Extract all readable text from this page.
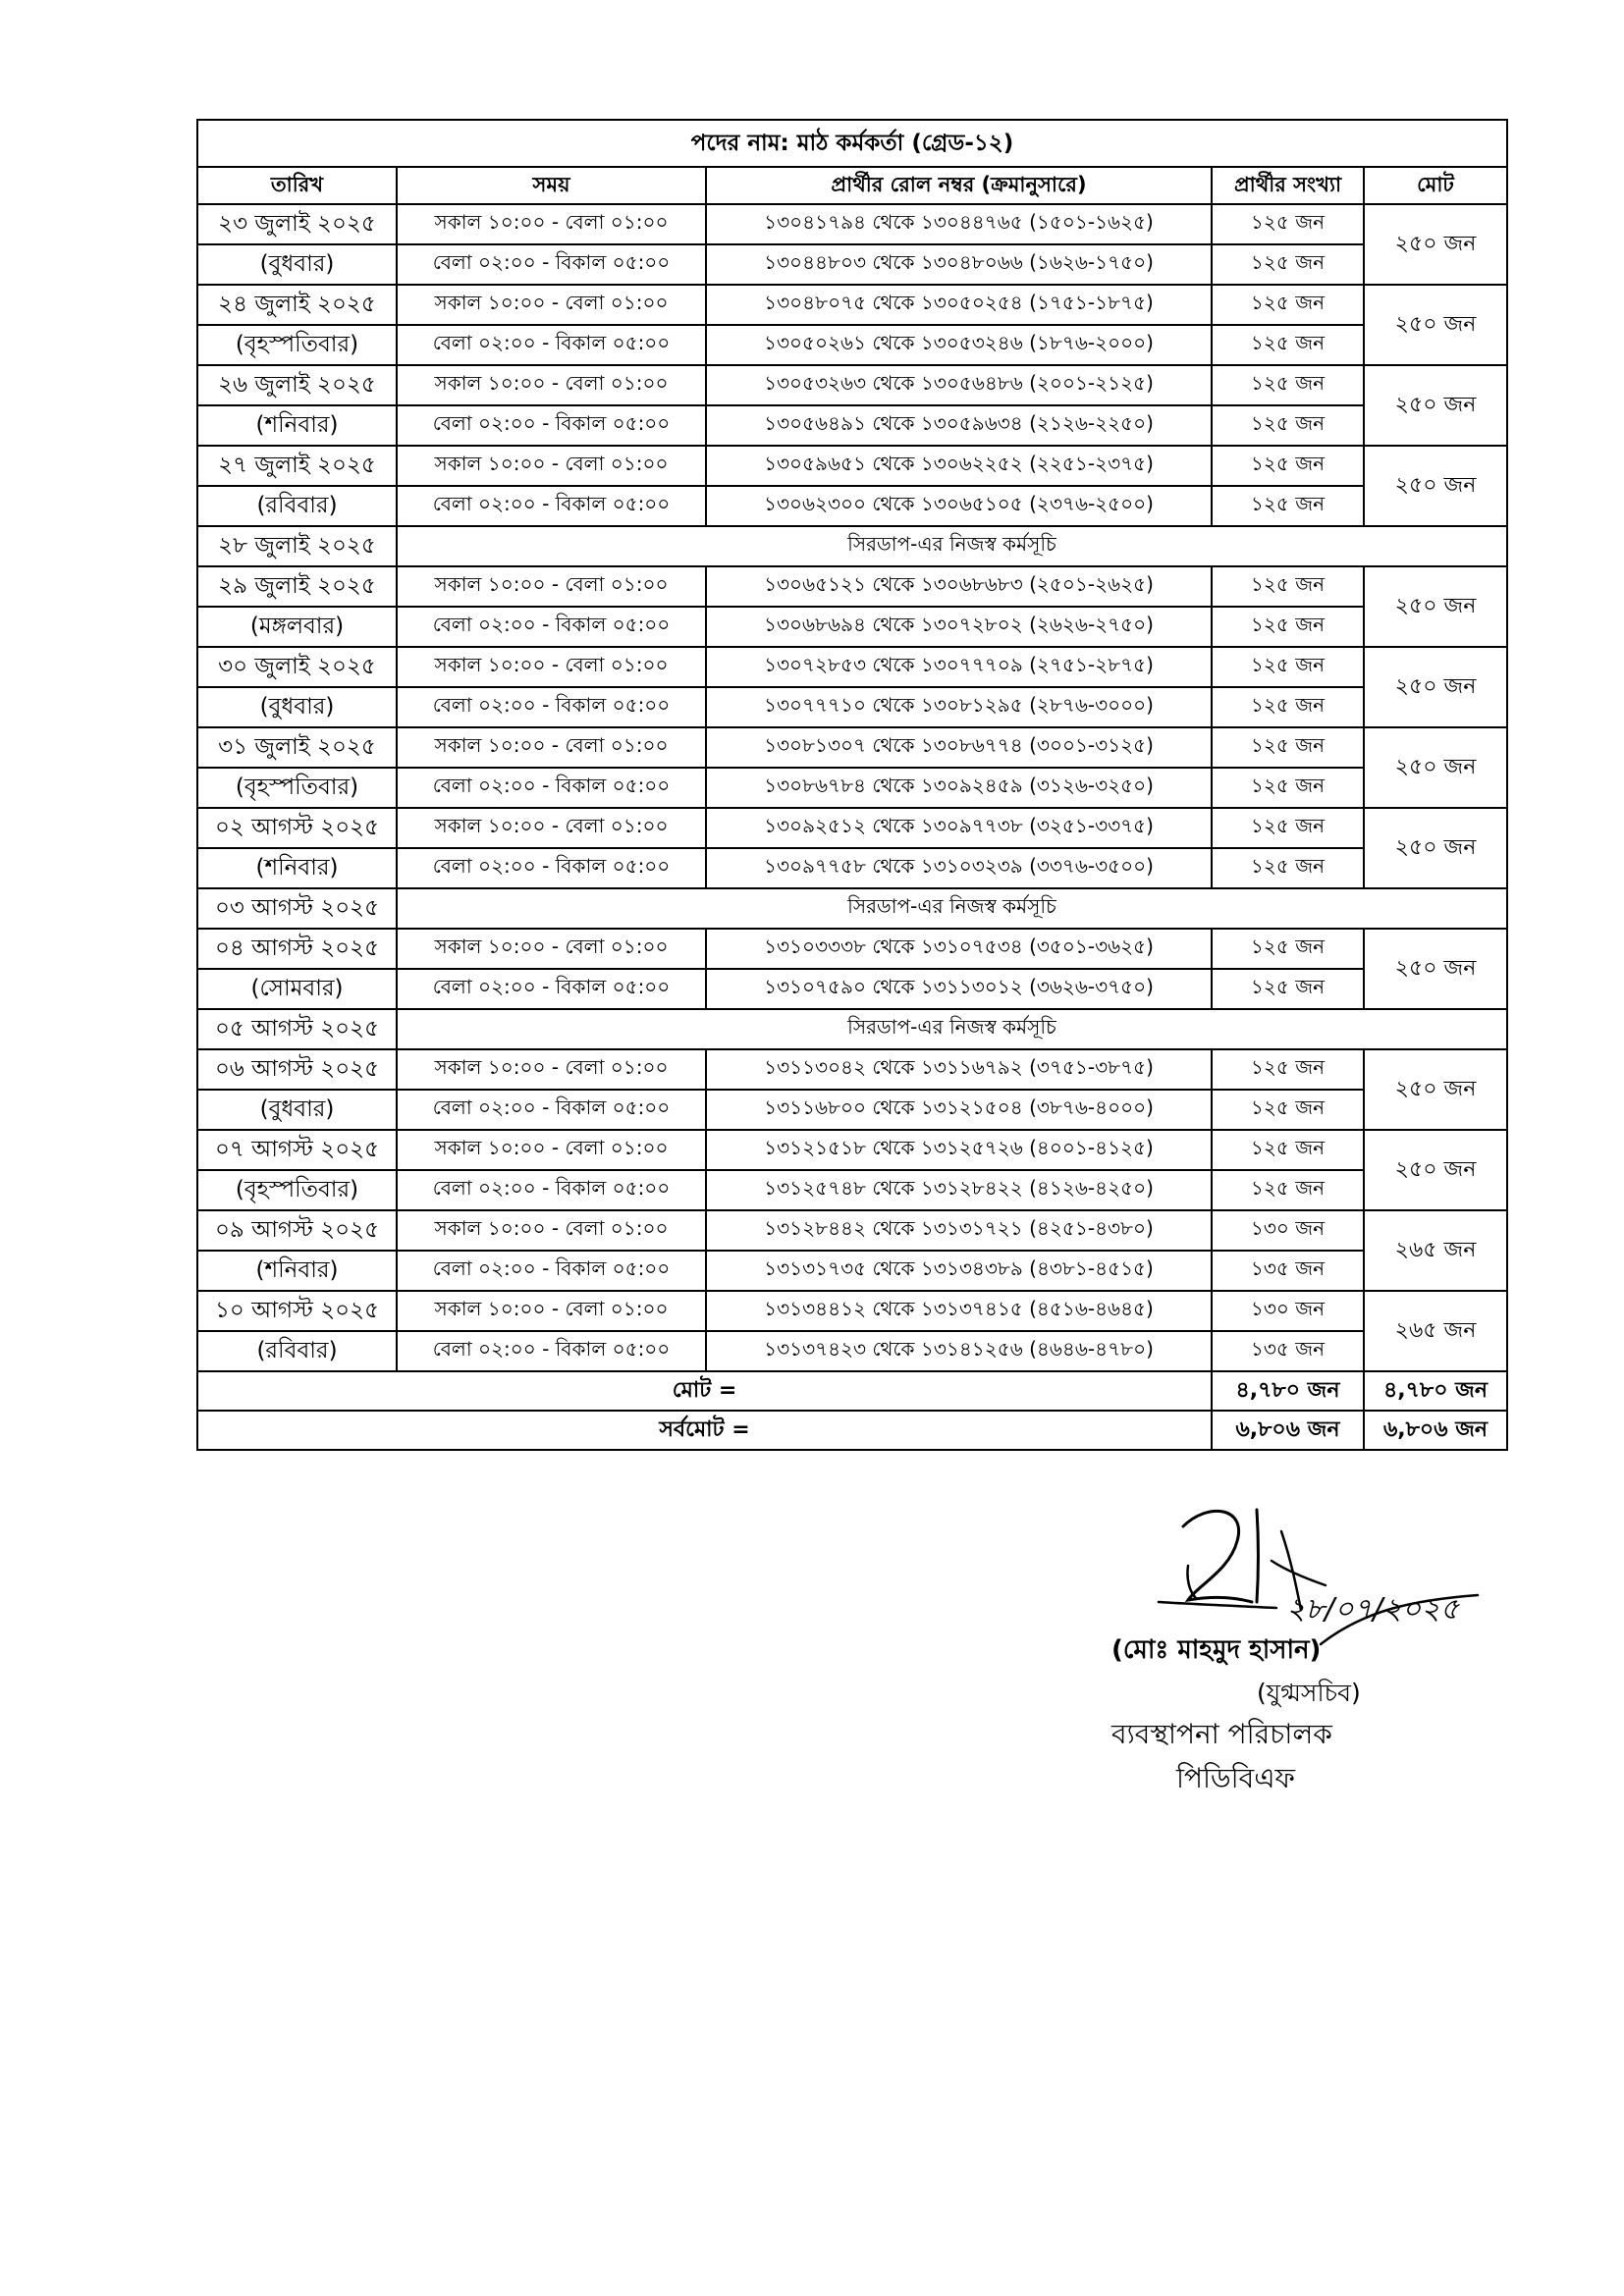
পদের নাম: মাঠ কর্মকর্তা (গ্রেড-১২)				
তারিখ	সময়	প্রার্থীর রোল নম্বর (ক্রমানুসারে)	প্রার্থীর সংখ্যা	মোট
২৩ জুলাই ২০২৫	সকাল ১০:০০ - বেলা ০১:০০	১৩০৪১৭৯৪ থেকে ১৩০৪৪৭৬৫ (১৫০১-১৬২৫)	১২৫ জন	২৫০ জন
(বুধবার)	বেলা ০২:০০ - বিকাল ০৫:০০	১৩০৪৪৮০৩ থেকে ১৩০৪৮০৬৬ (১৬২৬-১৭৫০)	১২৫ জন	
২৪ জুলাই ২০২৫	সকাল ১০:০০ - বেলা ০১:০০	১৩০৪৮০৭৫ থেকে ১৩০৫০২৫৪ (১৭৫১-১৮৭৫)	১২৫ জন	২৫০ জন
(বৃহস্পতিবার)	বেলা ০২:০০ - বিকাল ০৫:০০	১৩০৫০২৬১ থেকে ১৩০৫৩২৪৬ (১৮৭৬-২০০০)	১২৫ জন	
২৬ জুলাই ২০২৫	সকাল ১০:০০ - বেলা ০১:০০	১৩০৫৩২৬৩ থেকে ১৩০৫৬৪৮৬ (২০০১-২১২৫)	১২৫ জন	২৫০ জন
(শনিবার)	বেলা ০২:০০ - বিকাল ০৫:০০	১৩০৫৬৪৯১ থেকে ১৩০৫৯৬৩৪ (২১২৬-২২৫০)	১২৫ জন	
২৭ জুলাই ২০২৫	সকাল ১০:০০ - বেলা ০১:০০	১৩০৫৯৬৫১ থেকে ১৩০৬২২৫২ (২২৫১-২৩৭৫)	১২৫ জন	২৫০ জন
(রবিবার)	বেলা ০২:০০ - বিকাল ০৫:০০	১৩০৬২৩০০ থেকে ১৩০৬৫১০৫ (২৩৭৬-২৫০০)	১২৫ জন	
২৮ জুলাই ২০২৫	সিরডাপ-এর নিজস্ব কর্মসূচি			
২৯ জুলাই ২০২৫	সকাল ১০:০০ - বেলা ০১:০০	১৩০৬৫১২১ থেকে ১৩০৬৮৬৮৩ (২৫০১-২৬২৫)	১২৫ জন	২৫০ জন
(মঙ্গলবার)	বেলা ০২:০০ - বিকাল ০৫:০০	১৩০৬৮৬৯৪ থেকে ১৩০৭২৮০২ (২৬২৬-২৭৫০)	১২৫ জন	
৩০ জুলাই ২০২৫	সকাল ১০:০০ - বেলা ০১:০০	১৩০৭২৮৫৩ থেকে ১৩০৭৭৭০৯ (২৭৫১-২৮৭৫)	১২৫ জন	২৫০ জন
(বুধবার)	বেলা ০২:০০ - বিকাল ০৫:০০	১৩০৭৭৭১০ থেকে ১৩০৮১২৯৫ (২৮৭৬-৩০০০)	১২৫ জন	
৩১ জুলাই ২০২৫	সকাল ১০:০০ - বেলা ০১:০০	১৩০৮১৩০৭ থেকে ১৩০৮৬৭৭৪ (৩০০১-৩১২৫)	১২৫ জন	২৫০ জন
(বৃহস্পতিবার)	বেলা ০২:০০ - বিকাল ০৫:০০	১৩০৮৬৭৮৪ থেকে ১৩০৯২৪৫৯ (৩১২৬-৩২৫০)	১২৫ জন	
০২ আগস্ট ২০২৫	সকাল ১০:০০ - বেলা ০১:০০	১৩০৯২৫১২ থেকে ১৩০৯৭৭৩৮ (৩২৫১-৩৩৭৫)	১২৫ জন	২৫০ জন
(শনিবার)	বেলা ০২:০০ - বিকাল ০৫:০০	১৩০৯৭৭৫৮ থেকে ১৩১০৩২৩৯ (৩৩৭৬-৩৫০০)	১২৫ জন	
০৩ আগস্ট ২০২৫	সিরডাপ-এর নিজস্ব কর্মসূচি			
০৪ আগস্ট ২০২৫	সকাল ১০:০০ - বেলা ০১:০০	১৩১০৩৩৩৮ থেকে ১৩১০৭৫৩৪ (৩৫০১-৩৬২৫)	১২৫ জন	২৫০ জন
(সোমবার)	বেলা ০২:০০ - বিকাল ০৫:০০	১৩১০৭৫৯০ থেকে ১৩১১৩০১২ (৩৬২৬-৩৭৫০)	১২৫ জন	
০৫ আগস্ট ২০২৫	সিরডাপ-এর নিজস্ব কর্মসূচি			
০৬ আগস্ট ২০২৫	সকাল ১০:০০ - বেলা ০১:০০	১৩১১৩০৪২ থেকে ১৩১১৬৭৯২ (৩৭৫১-৩৮৭৫)	১২৫ জন	২৫০ জন
(বুধবার)	বেলা ০২:০০ - বিকাল ০৫:০০	১৩১১৬৮০০ থেকে ১৩১২১৫০৪ (৩৮৭৬-৪০০০)	১২৫ জন	
০৭ আগস্ট ২০২৫	সকাল ১০:০০ - বেলা ০১:০০	১৩১২১৫১৮ থেকে ১৩১২৫৭২৬ (৪০০১-৪১২৫)	১২৫ জন	২৫০ জন
(বৃহস্পতিবার)	বেলা ০২:০০ - বিকাল ০৫:০০	১৩১২৫৭৪৮ থেকে ১৩১২৮৪২২ (৪১২৬-৪২৫০)	১২৫ জন	
০৯ আগস্ট ২০২৫	সকাল ১০:০০ - বেলা ০১:০০	১৩১২৮৪৪২ থেকে ১৩১৩১৭২১ (৪২৫১-৪৩৮০)	১৩০ জন	২৬৫ জন
(শনিবার)	বেলা ০২:০০ - বিকাল ০৫:০০	১৩১৩১৭৩৫ থেকে ১৩১৩৪৩৮৯ (৪৩৮১-৪৫১৫)	১৩৫ জন	
১০ আগস্ট ২০২৫	সকাল ১০:০০ - বেলা ০১:০০	১৩১৩৪৪১২ থেকে ১৩১৩৭৪১৫ (৪৫১৬-৪৬৪৫)	১৩০ জন	২৬৫ জন
(রবিবার)	বেলা ০২:০০ - বিকাল ০৫:০০	১৩১৩৭৪২৩ থেকে ১৩১৪১২৫৬ (৪৬৪৬-৪৭৮০)	১৩৫ জন	
মোট =			৪,৭৮০ জন	৪,৭৮০ জন
সর্বমোট =			৬,৮০৬ জন	৬,৮০৬ জন
২৮/০৭/২০২৫
(মোঃ মাহমুদ হাসান)
(যুগ্মসচিব)
ব্যবস্থাপনা পরিচালক
পিডিবিএফ
